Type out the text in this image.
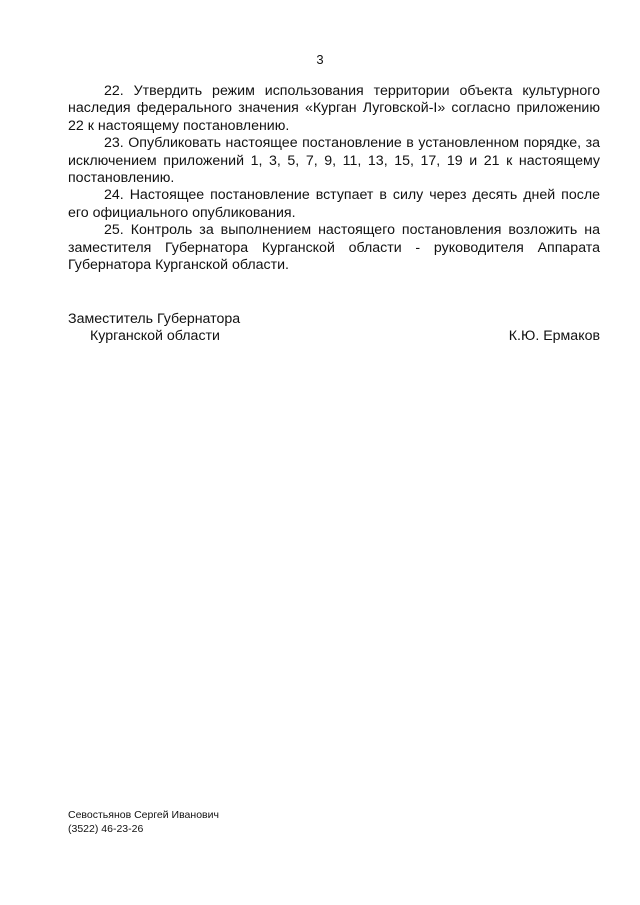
3

22. Утвердить режим использования территории объекта культурного наследия федерального значения «Курган Луговской-I» согласно приложению 22 к настоящему постановлению.

23. Опубликовать настоящее постановление в установленном порядке, за исключением приложений 1, 3, 5, 7, 9, 11, 13, 15, 17, 19 и 21 к настоящему постановлению.

24. Настоящее постановление вступает в силу через десять дней после его официального опубликования.

25. Контроль за выполнением настоящего постановления возложить на заместителя Губернатора Курганской области - руководителя Аппарата Губернатора Курганской области.

Заместитель Губернатора
Курганской области	К.Ю. Ермаков
Севостьянов Сергей Иванович
(3522) 46-23-26
